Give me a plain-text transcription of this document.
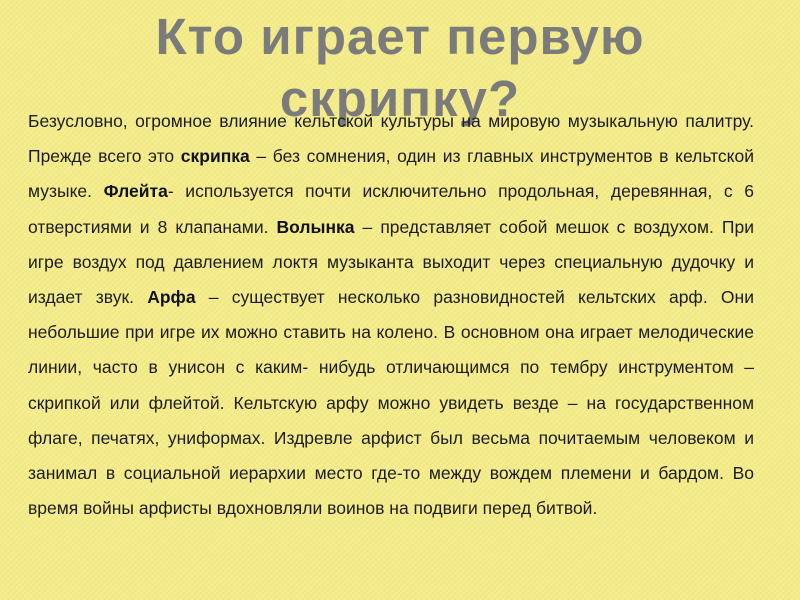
Кто играет первую скрипку?

Безусловно, огромное влияние кельтской культуры на мировую музыкальную палитру. Прежде всего это скрипка – без сомнения, один из главных инструментов в кельтской музыке. Флейта- используется почти исключительно продольная, деревянная, с 6 отверстиями и 8 клапанами. Волынка – представляет собой мешок с воздухом. При игре воздух под давлением локтя музыканта выходит через специальную дудочку и издает звук. Арфа – существует несколько разновидностей кельтских арф. Они небольшие при игре их можно ставить на колено. В основном она играет мелодические линии, часто в унисон с каким- нибудь отличающимся по тембру инструментом – скрипкой или флейтой. Кельтскую арфу можно увидеть везде – на государственном флаге, печатях, униформах. Издревле арфист был весьма почитаемым человеком и занимал в социальной иерархии место где-то между вождем племени и бардом. Во время войны арфисты вдохновляли воинов на подвиги перед битвой.
